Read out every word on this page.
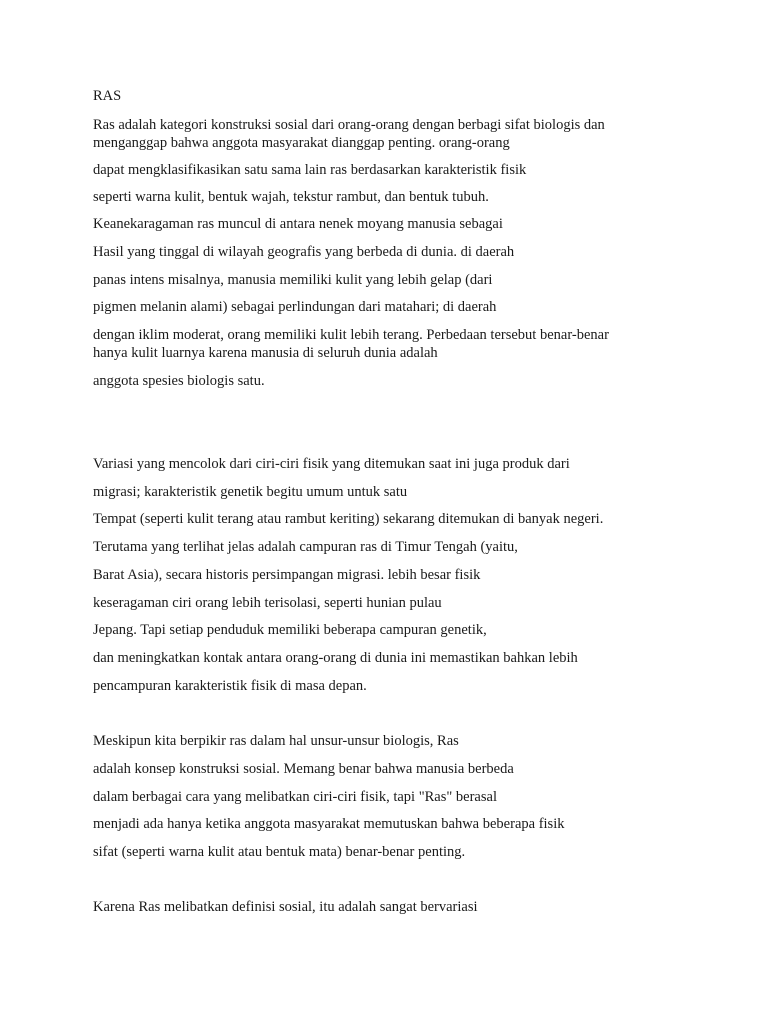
RAS
Ras adalah kategori konstruksi sosial dari orang-orang dengan berbagi sifat biologis dan
menganggap bahwa anggota masyarakat dianggap penting. orang-orang
dapat mengklasifikasikan satu sama lain ras berdasarkan karakteristik fisik
seperti warna kulit, bentuk wajah, tekstur rambut, dan bentuk tubuh.
Keanekaragaman ras muncul di antara nenek moyang manusia sebagai
Hasil yang tinggal di wilayah geografis yang berbeda di dunia. di daerah
panas intens misalnya, manusia memiliki kulit yang lebih gelap (dari
pigmen melanin alami) sebagai perlindungan dari matahari; di daerah
dengan iklim moderat, orang memiliki kulit lebih terang. Perbedaan tersebut benar-benar
hanya kulit luarnya karena manusia di seluruh dunia adalah
anggota spesies biologis satu.
Variasi yang mencolok dari ciri-ciri fisik yang ditemukan saat ini juga produk dari
migrasi; karakteristik genetik begitu umum untuk satu
Tempat (seperti kulit terang atau rambut keriting) sekarang ditemukan di banyak negeri.
Terutama yang terlihat jelas adalah campuran ras di Timur Tengah (yaitu,
Barat Asia), secara historis persimpangan migrasi. lebih besar fisik
keseragaman ciri orang lebih terisolasi, seperti hunian pulau
Jepang. Tapi setiap penduduk memiliki beberapa campuran genetik,
dan meningkatkan kontak antara orang-orang di dunia ini memastikan bahkan lebih
pencampuran karakteristik fisik di masa depan.
Meskipun kita berpikir ras dalam hal unsur-unsur biologis, Ras
adalah konsep konstruksi sosial. Memang benar bahwa manusia berbeda
dalam berbagai cara yang melibatkan ciri-ciri fisik, tapi "Ras" berasal
menjadi ada hanya ketika anggota masyarakat memutuskan bahwa beberapa fisik
sifat (seperti warna kulit atau bentuk mata) benar-benar penting.
Karena Ras melibatkan definisi sosial, itu adalah sangat bervariasi
